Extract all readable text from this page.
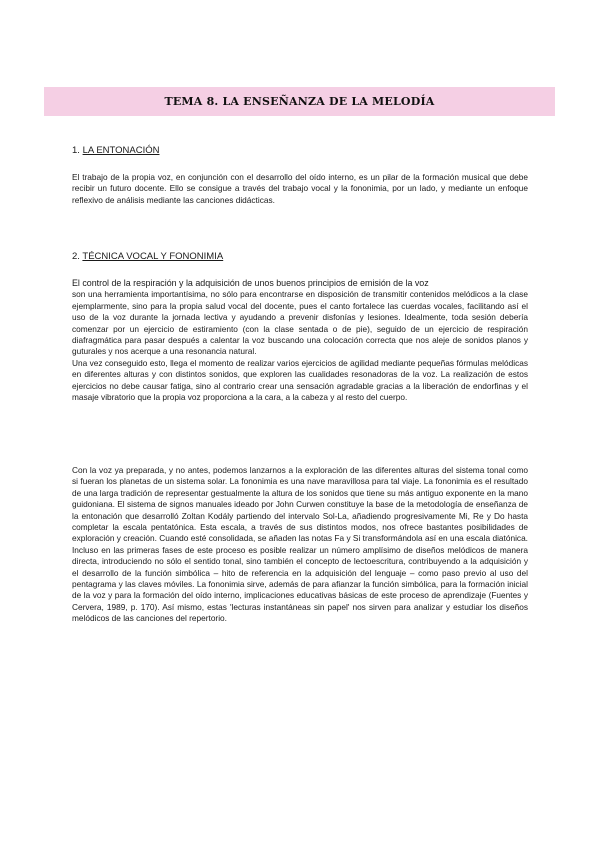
TEMA 8. LA ENSEÑANZA DE LA MELODÍA
1. LA ENTONACIÓN

El trabajo de la propia voz, en conjunción con el desarrollo del oído interno, es un pilar de la formación musical que debe recibir un futuro docente. Ello se consigue a través del trabajo vocal y la fononimia, por un lado, y mediante un enfoque reflexivo de análisis mediante las canciones didácticas.

2. TÉCNICA VOCAL Y FONONIMIA

El control de la respiración y la adquisición de unos buenos principios de emisión de la voz

son una herramienta importantísima, no sólo para encontrarse en disposición de transmitir contenidos melódicos a la clase ejemplarmente, sino para la propia salud vocal del docente, pues el canto fortalece las cuerdas vocales, facilitando así el uso de la voz durante la jornada lectiva y ayudando a prevenir disfonías y lesiones. Idealmente, toda sesión debería comenzar por un ejercicio de estiramiento (con la clase sentada o de pie), seguido de un ejercicio de respiración diafragmática para pasar después a calentar la voz buscando una colocación correcta que nos aleje de sonidos planos y guturales y nos acerque a una resonancia natural.

Una vez conseguido esto, llega el momento de realizar varios ejercicios de agilidad mediante pequeñas fórmulas melódicas en diferentes alturas y con distintos sonidos, que exploren las cualidades resonadoras de la voz. La realización de estos ejercicios no debe causar fatiga, sino al contrario crear una sensación agradable gracias a la liberación de endorfinas y el masaje vibratorio que la propia voz proporciona a la cara, a la cabeza y al resto del cuerpo.

Con la voz ya preparada, y no antes, podemos lanzarnos a la exploración de las diferentes alturas del sistema tonal como si fueran los planetas de un sistema solar. La fononimia es una nave maravillosa para tal viaje. La fononimia es el resultado de una larga tradición de representar gestualmente la altura de los sonidos que tiene su más antiguo exponente en la mano guidoniana. El sistema de signos manuales ideado por John Curwen constituye la base de la metodología de enseñanza de la entonación que desarrolló Zoltan Kodály partiendo del intervalo Sol-La, añadiendo progresivamente Mi, Re y Do hasta completar la escala pentatónica. Esta escala, a través de sus distintos modos, nos ofrece bastantes posibilidades de exploración y creación. Cuando esté consolidada, se añaden las notas Fa y Si transformándola así en una escala diatónica. Incluso en las primeras fases de este proceso es posible realizar un número amplísimo de diseños melódicos de manera directa, introduciendo no sólo el sentido tonal, sino también el concepto de lectoescritura, contribuyendo a la adquisición y el desarrollo de la función simbólica – hito de referencia en la adquisición del lenguaje – como paso previo al uso del pentagrama y las claves móviles. La fononimia sirve, además de para afianzar la función simbólica, para la formación inicial de la voz y para la formación del oído interno, implicaciones educativas básicas de este proceso de aprendizaje (Fuentes y Cervera, 1989, p. 170). Así mismo, estas 'lecturas instantáneas sin papel' nos sirven para analizar y estudiar los diseños melódicos de las canciones del repertorio.
